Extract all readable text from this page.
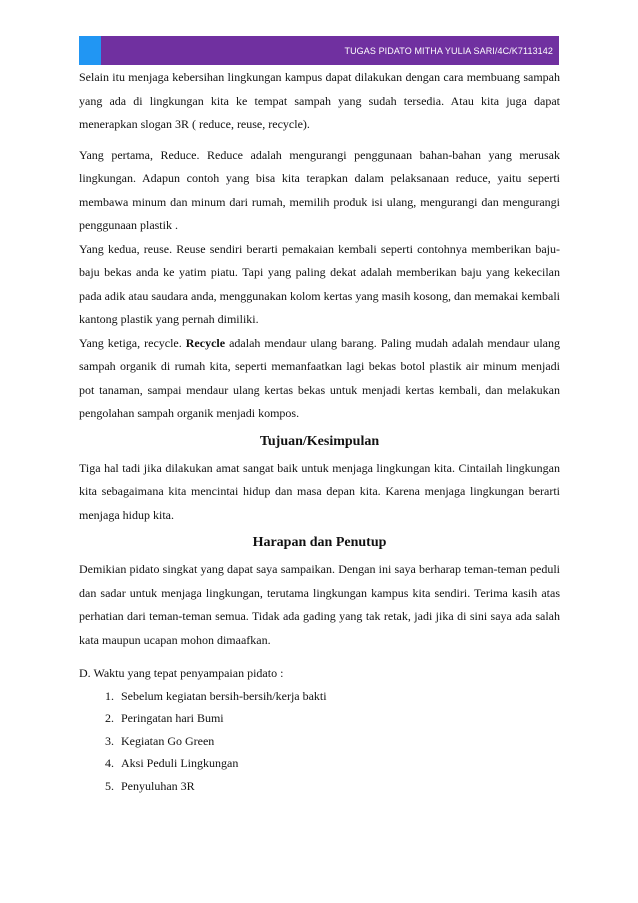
TUGAS PIDATO MITHA YULIA SARI/4C/K7113142

Selain itu menjaga kebersihan lingkungan kampus dapat dilakukan dengan cara membuang sampah yang ada di lingkungan kita ke tempat sampah yang sudah tersedia. Atau kita juga dapat menerapkan slogan 3R ( reduce, reuse, recycle).

Yang pertama, Reduce. Reduce adalah mengurangi penggunaan bahan-bahan yang merusak lingkungan. Adapun contoh yang bisa kita terapkan dalam pelaksanaan reduce, yaitu seperti membawa minum dan minum dari rumah, memilih produk isi ulang, mengurangi dan mengurangi penggunaan plastik .

Yang kedua, reuse. Reuse sendiri berarti pemakaian kembali seperti contohnya memberikan baju-baju bekas anda ke yatim piatu. Tapi yang paling dekat adalah memberikan baju yang kekecilan pada adik atau saudara anda, menggunakan kolom kertas yang masih kosong, dan memakai kembali kantong plastik yang pernah dimiliki.

Yang ketiga, recycle. Recycle adalah mendaur ulang barang. Paling mudah adalah mendaur ulang sampah organik di rumah kita, seperti memanfaatkan lagi bekas botol plastik air minum menjadi pot tanaman, sampai mendaur ulang kertas bekas untuk menjadi kertas kembali, dan melakukan pengolahan sampah organik menjadi kompos.

Tujuan/Kesimpulan

Tiga hal tadi jika dilakukan amat sangat baik untuk menjaga lingkungan kita. Cintailah lingkungan kita sebagaimana kita mencintai hidup dan masa depan kita. Karena menjaga lingkungan berarti menjaga hidup kita.

Harapan dan Penutup

Demikian pidato singkat yang dapat saya sampaikan. Dengan ini saya berharap teman-teman peduli dan sadar untuk menjaga lingkungan, terutama lingkungan kampus kita sendiri. Terima kasih atas perhatian dari teman-teman semua. Tidak ada gading yang tak retak, jadi jika di sini saya ada salah kata maupun ucapan mohon dimaafkan.

D. Waktu yang tepat penyampaian pidato :
1. Sebelum kegiatan bersih-bersih/kerja bakti
2. Peringatan hari Bumi
3. Kegiatan Go Green
4. Aksi Peduli Lingkungan
5. Penyuluhan 3R
